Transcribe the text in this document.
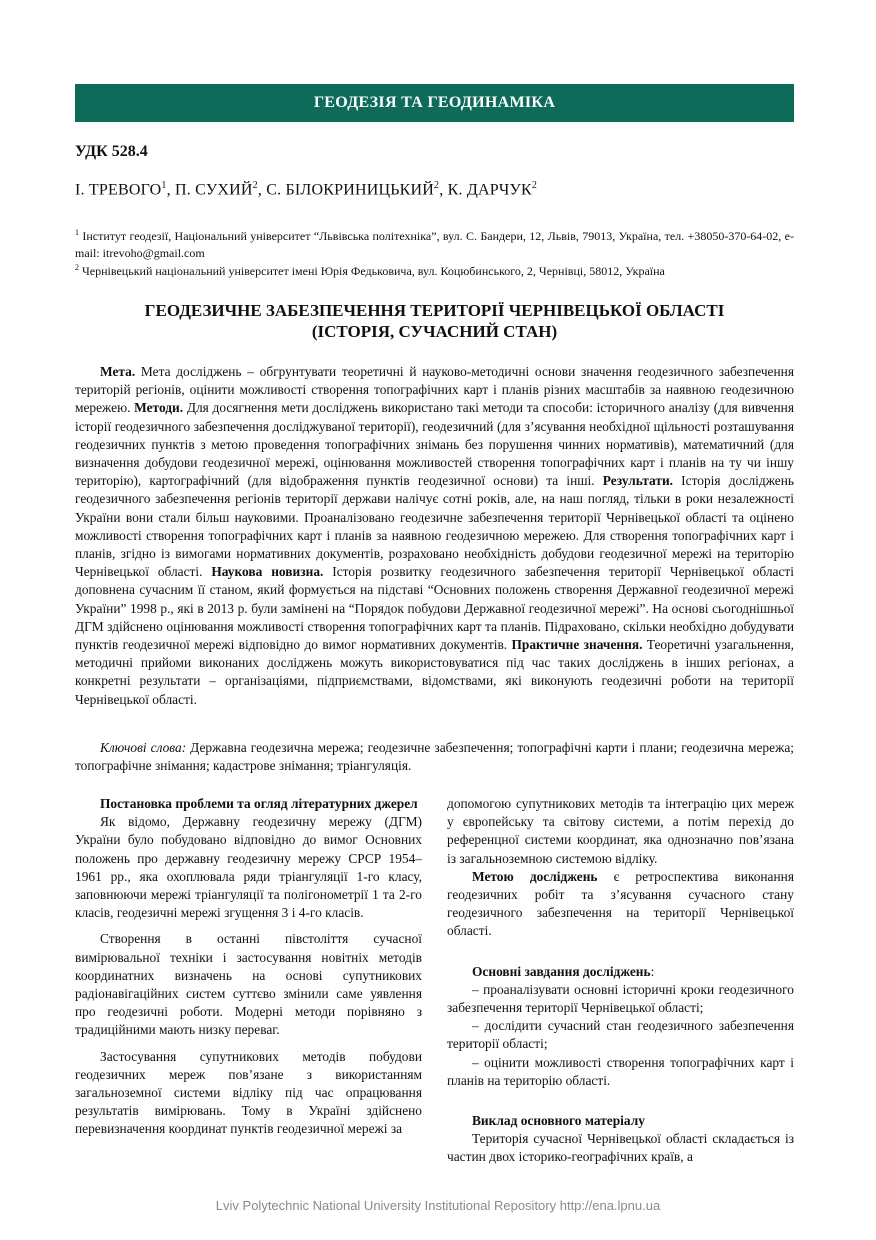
ГЕОДЕЗІЯ ТА ГЕОДИНАМІКА
УДК 528.4
І. ТРЕВОГО$^1$, П. СУХИЙ$^2$, С. БІЛОКРИНИЦЬКИЙ$^2$, К. ДАРЧУК$^2$
$^1$ Інститут геодезії, Національний університет “Львівська політехніка”, вул. С. Бандери, 12, Львів, 79013, Україна, тел. +38050-370-64-02, e-mail: itrevoho@gmail.com
$^2$ Чернівецький національний університет імені Юрія Федьковича, вул. Коцюбинського, 2, Чернівці, 58012, Україна
ГЕОДЕЗИЧНЕ ЗАБЕЗПЕЧЕННЯ ТЕРИТОРІЇ ЧЕРНІВЕЦЬКОЇ ОБЛАСТІ
(ІСТОРІЯ, СУЧАСНИЙ СТАН)

Мета. Мета досліджень – обгрунтувати теоретичні й науково-методичні основи значення геодезичного забезпечення територій регіонів, оцінити можливості створення топографічних карт і планів різних масштабів за наявною геодезичною мережею. Методи. Для досягнення мети досліджень використано такі методи та способи: історичного аналізу (для вивчення історії геодезичного забезпечення досліджуваної території), геодезичний (для з’ясування необхідної щільності розташування геодезичних пунктів з метою проведення топографічних знімань без порушення чинних нормативів), математичний (для визначення добудови геодезичної мережі, оцінювання можливостей створення топографічних карт і планів на ту чи іншу територію), картографічний (для відображення пунктів геодезичної основи) та інші. Результати. Історія досліджень геодезичного забезпечення регіонів території держави налічує сотні років, але, на наш погляд, тільки в роки незалежності України вони стали більш науковими. Проаналізовано геодезичне забезпечення території Чернівецької області та оцінено можливості створення топографічних карт і планів за наявною геодезичною мережею. Для створення топографічних карт і планів, згідно із вимогами нормативних документів, розраховано необхідність добудови геодезичної мережі на територію Чернівецької області. Наукова новизна. Історія розвитку геодезичного забезпечення території Чернівецької області доповнена сучасним її станом, який формується на підставі “Основних положень створення Державної геодезичної мережі України” 1998 р., які в 2013 р. були замінені на “Порядок побудови Державної геодезичної мережі”. На основі сьогоднішньої ДГМ здійснено оцінювання можливості створення топографічних карт та планів. Підраховано, скільки необхідно добудувати пунктів геодезичної мережі відповідно до вимог нормативних документів. Практичне значення. Теоретичні узагальнення, методичні прийоми виконаних досліджень можуть використовуватися під час таких досліджень в інших регіонах, а конкретні результати – організаціями, підприємствами, відомствами, які виконують геодезичні роботи на території Чернівецької області.

Ключові слова: Державна геодезична мережа; геодезичне забезпечення; топографічні карти і плани; геодезична мережа; топографічне знімання; кадастрове знімання; тріангуляція.

Постановка проблеми та огляд літературних джерел

Як відомо, Державну геодезичну мережу (ДГМ) України було побудовано відповідно до вимог Основних положень про державну геодезичну мережу СРСР 1954–1961 рр., яка охоплювала ряди тріангуляції 1-го класу, заповнюючи мережі тріангуляції та полігонометрії 1 та 2-го класів, геодезичні мережі згущення 3 і 4-го класів.

Створення в останні півстоліття сучасної вимірювальної техніки і застосування новітніх методів координатних визначень на основі супутникових радіонавігаційних систем суттєво змінили саме уявлення про геодезичні роботи. Модерні методи порівняно з традиційними мають низку переваг.

Застосування супутникових методів побудови геодезичних мереж пов’язане з використанням загальноземної системи відліку під час опрацювання результатів вимірювань. Тому в Україні здійснено перевизначення координат пунктів геодезичної мережі за

допомогою супутникових методів та інтеграцію цих мереж у європейську та світову системи, а потім перехід до референцної системи координат, яка однозначно пов’язана із загальноземною системою відліку.

Метою досліджень є ретроспектива виконання геодезичних робіт та з’ясування сучасного стану геодезичного забезпечення на території Чернівецької області.

Основні завдання досліджень:

– проаналізувати основні історичні кроки геодезичного забезпечення території Чернівецької області;

– дослідити сучасний стан геодезичного забезпечення території області;

– оцінити можливості створення топографічних карт і планів на територію області.

Виклад основного матеріалу

Територія сучасної Чернівецької області складається із частин двох історико-географічних країв, а

Lviv Polytechnic National University Institutional Repository http://ena.lpnu.ua
